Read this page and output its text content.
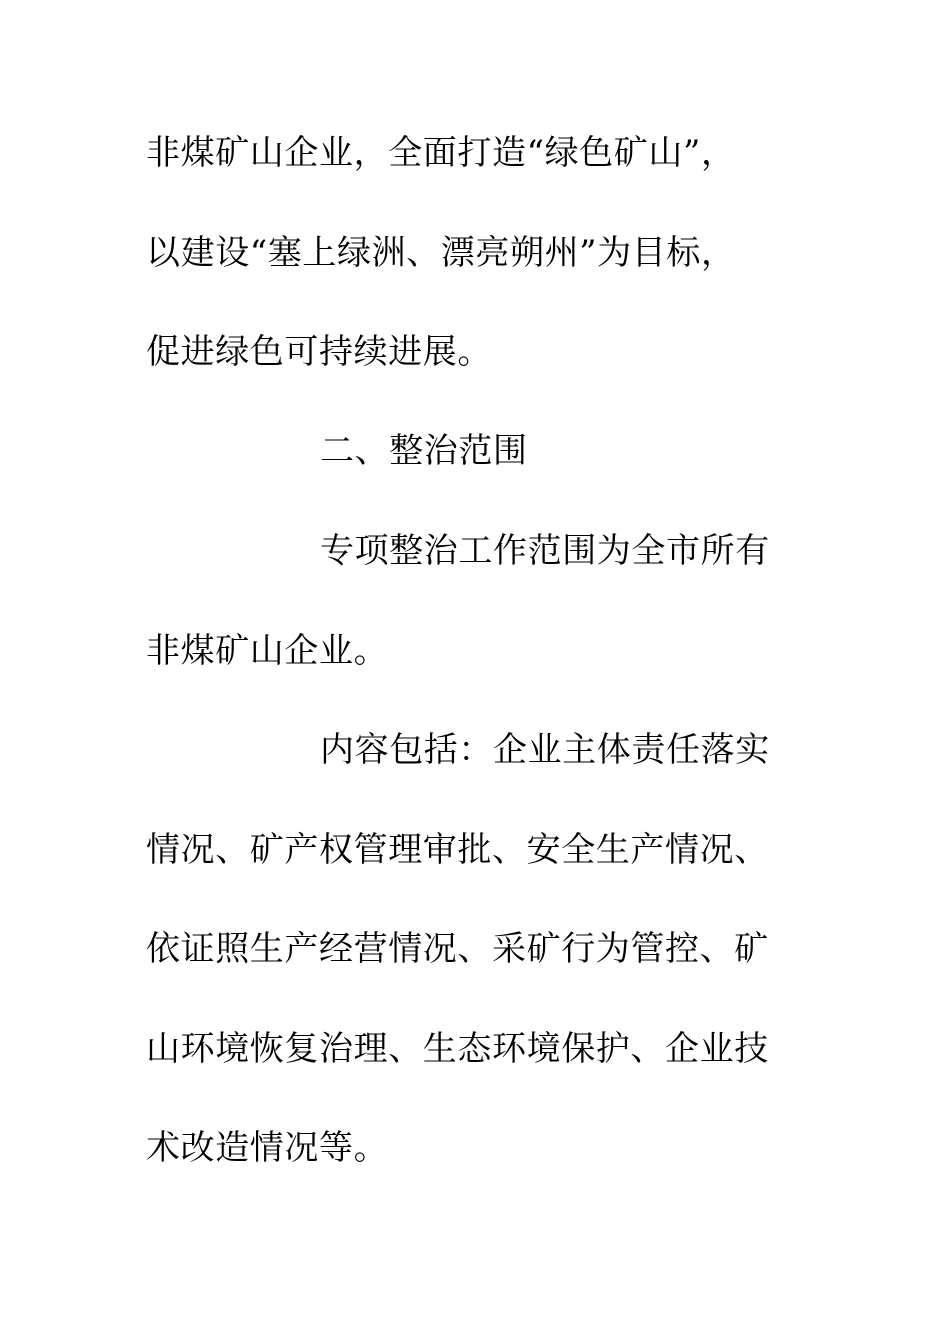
非煤矿山企业，全面打造“绿色矿山”，
以建设“塞上绿洲、漂亮朔州”为目标，
促进绿色可持续进展。
二、整治范围
专项整治工作范围为全市所有
非煤矿山企业。
内容包括：企业主体责任落实
情况、矿产权管理审批、安全生产情况、
依证照生产经营情况、采矿行为管控、矿
山环境恢复治理、生态环境保护、企业技
术改造情况等。
